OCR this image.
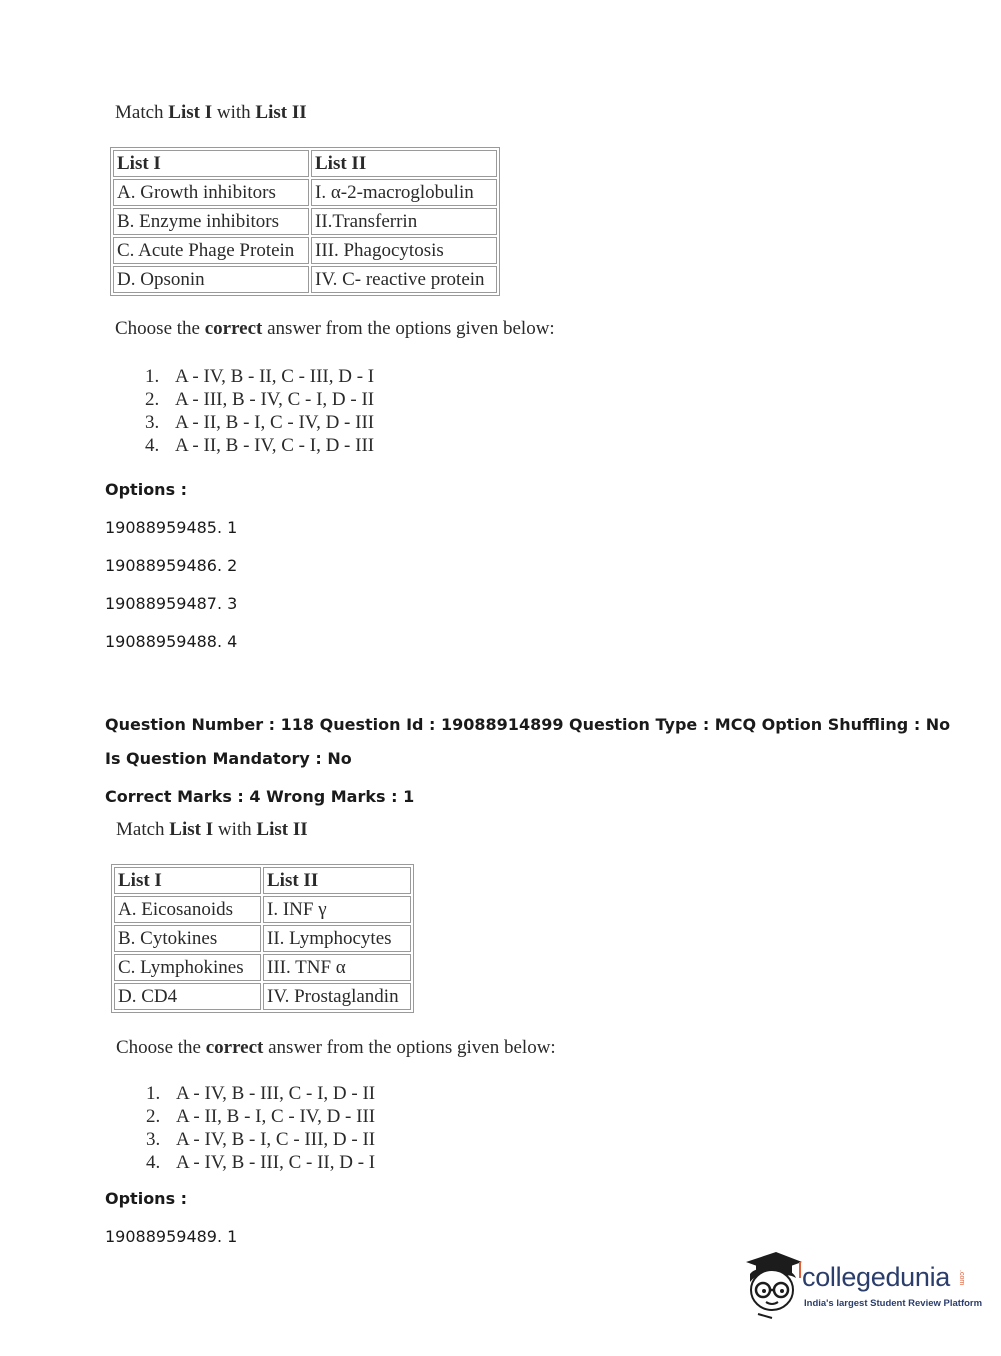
Match List I with List II
List I	List II
A. Growth inhibitors	I. α-2-macroglobulin
B. Enzyme inhibitors	II.Transferrin
C. Acute Phage Protein	III. Phagocytosis
D. Opsonin	IV. C- reactive protein
Choose the correct answer from the options given below:
1. A - IV, B - II, C - III, D - I
2. A - III, B - IV, C - I, D - II
3. A - II, B - I, C - IV, D - III
4. A - II, B - IV, C - I, D - III
Options :
19088959485. 1
19088959486. 2
19088959487. 3
19088959488. 4
Question Number : 118 Question Id : 19088914899 Question Type : MCQ Option Shuffling : No
Is Question Mandatory : No
Correct Marks : 4 Wrong Marks : 1
Match List I with List II
List I	List II
A. Eicosanoids	I. INF γ
B. Cytokines	II. Lymphocytes
C. Lymphokines	III. TNF α
D. CD4	IV. Prostaglandin
Choose the correct answer from the options given below:
1. A - IV, B - III, C - I, D - II
2. A - II, B - I, C - IV, D - III
3. A - IV, B - I, C - III, D - II
4. A - IV, B - III, C - II, D - I
Options :
19088959489. 1
collegedunia .com
India's largest Student Review Platform
